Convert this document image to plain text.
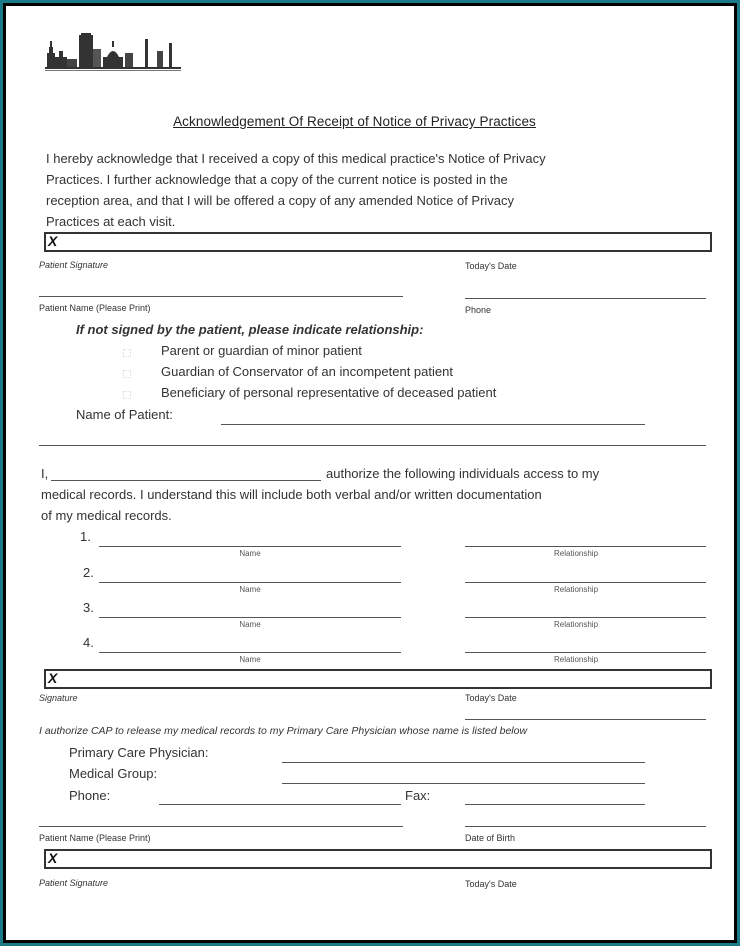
Acknowledgement Of Receipt of Notice of Privacy Practices
I hereby acknowledge that I received a copy of this medical practice's Notice of Privacy
Practices. I further acknowledge that a copy of the current notice is posted in the
reception area, and that I will be offered a copy of any amended Notice of Privacy
Practices at each visit.
X
Patient Signature	Today's Date
Patient Name (Please Print)	Phone
If not signed by the patient, please indicate relationship:
Parent or guardian of minor patient
Guardian of Conservator of an incompetent patient
Beneficiary of personal representative of deceased patient
Name of Patient:
I,	authorize the following individuals access to my
medical records. I understand this will include both verbal and/or written documentation
of my medical records.
1.
Name	Relationship
2.
Name	Relationship
3.
Name	Relationship
4.
Name	Relationship
X
Signature	Today's Date
I authorize CAP to release my medical records to my Primary Care Physician whose name is listed below
Primary Care Physician:
Medical Group:
Phone:	Fax:
Patient Name (Please Print)	Date of Birth
X
Patient Signature	Today's Date
